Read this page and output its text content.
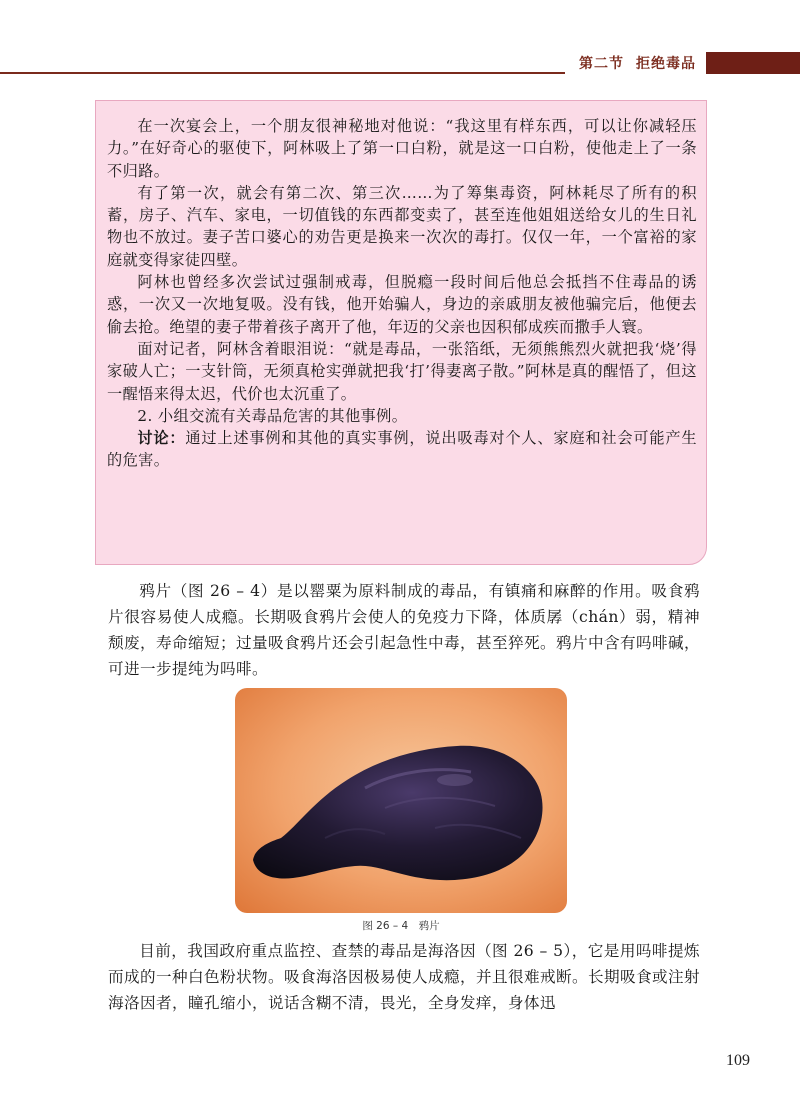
第二节 拒绝毒品

在一次宴会上，一个朋友很神秘地对他说：“我这里有样东西，可以让你减轻压力。”在好奇心的驱使下，阿林吸上了第一口白粉，就是这一口白粉，使他走上了一条不归路。

有了第一次，就会有第二次、第三次……为了筹集毒资，阿林耗尽了所有的积蓄，房子、汽车、家电，一切值钱的东西都变卖了，甚至连他姐姐送给女儿的生日礼物也不放过。妻子苦口婆心的劝告更是换来一次次的毒打。仅仅一年，一个富裕的家庭就变得家徒四壁。

阿林也曾经多次尝试过强制戒毒，但脱瘾一段时间后他总会抵挡不住毒品的诱惑，一次又一次地复吸。没有钱，他开始骗人，身边的亲戚朋友被他骗完后，他便去偷去抢。绝望的妻子带着孩子离开了他，年迈的父亲也因积郁成疾而撒手人寰。

面对记者，阿林含着眼泪说：“就是毒品，一张箔纸，无须熊熊烈火就把我‘烧’得家破人亡；一支针筒，无须真枪实弹就把我‘打’得妻离子散。”阿林是真的醒悟了，但这一醒悟来得太迟，代价也太沉重了。

2. 小组交流有关毒品危害的其他事例。

讨论：通过上述事例和其他的真实事例，说出吸毒对个人、家庭和社会可能产生的危害。

鸦片（图 26 – 4）是以罂粟为原料制成的毒品，有镇痛和麻醉的作用。吸食鸦片很容易使人成瘾。长期吸食鸦片会使人的免疫力下降，体质孱（chán）弱，精神颓废，寿命缩短；过量吸食鸦片还会引起急性中毒，甚至猝死。鸦片中含有吗啡碱，可进一步提纯为吗啡。

图 26 – 4　鸦片

目前，我国政府重点监控、查禁的毒品是海洛因（图 26 – 5），它是用吗啡提炼而成的一种白色粉状物。吸食海洛因极易使人成瘾，并且很难戒断。长期吸食或注射海洛因者，瞳孔缩小，说话含糊不清，畏光，全身发痒，身体迅

109
